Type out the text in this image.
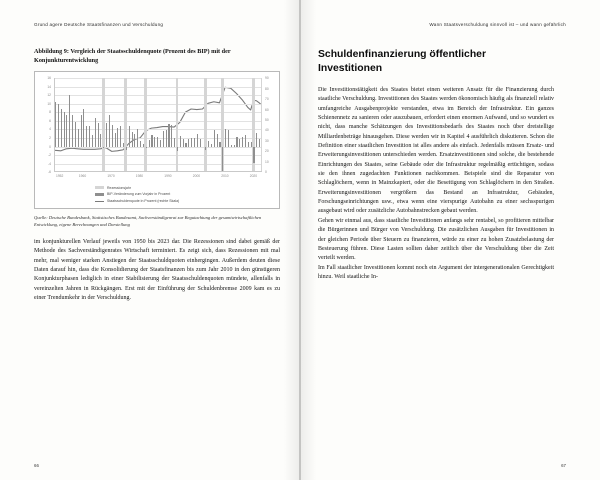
Grund agere Deutsche Staatsfinanzen und Verschuldung
Abbildung 9: Vergleich der Staatsschuldenquote (Prozent des BIP) mit der Konjunkturentwicklung
16
14
12
10
8
6
4
2
0
-2
-4
-6
90
80
70
60
50
40
30
20
10
0
1952	1960	1970	1980	1990	2000	2010	2020
Rezessionsjahr
BIP-Veränderung zum Vorjahr in Prozent
Staatsschuldenquote in Prozent (rechte Skala)
Quelle: Deutsche Bundesbank, Statistisches Bundesamt, Sachverständigenrat zur Begutachtung der gesamtwirtschaftlichen Entwicklung, eigene Berechnungen und Darstellung

im konjunkturellen Verlauf jeweils von 1950 bis 2023 dar. Die Rezessionen sind dabei gemäß der Methode des Sachverständigenrates Wirtschaft terminiert. Es zeigt sich, dass Rezessionen mit mal mehr, mal weniger starken Anstiegen der Staatsschuldquoten einhergingen. Außerdem deuten diese Daten darauf hin, dass die Konsolidierung der Staatsfinanzen bis zum Jahr 2010 in den günstigeren Konjunkturphasen lediglich in einer Stabilisierung der Staatsschuldenquoten mündete, allenfalls in vereinzelten Jahren in Rückgängen. Erst mit der Einführung der Schuldenbremse 2009 kam es zu einer Trendumkehr in der Verschuldung.

66
Wann Staatsverschuldung sinnvoll ist – und wann gefährlich
Schuldenfinanzierung öffentlicher Investitionen

Die Investitionstätigkeit des Staates bietet einen weiteren Ansatz für die Finanzierung durch staatliche Verschuldung. Investitionen des Staates werden ökonomisch häufig als finanziell relativ umfangreiche Ausgabenprojekte verstanden, etwa im Bereich der Infrastruktur. Ein ganzes Schienennetz zu sanieren oder auszubauen, erfordert einen enormen Aufwand, und so wundert es nicht, dass manche Schätzungen des Investitionsbedarfs des Staates noch über dreistellige Milliardenbeträge hinausgehen. Diese werden wir in Kapitel 4 ausführlich diskutieren. Schon die Definition einer staatlichen Investition ist alles andere als einfach. Jedenfalls müssen Ersatz- und Erweiterungsinvestitionen unterschieden werden. Ersatzinvestitionen sind solche, die bestehende Einrichtungen des Staates, seine Gebäude oder die Infrastruktur regelmäßig ertüchtigen, sodass sie den ihnen zugedachten Funktionen nachkommen. Beispiele sind die Reparatur von Schlaglöchern, wenn in Mainzkapiert, oder die Beseitigung von Schlaglöchern in den Straßen. Erweiterungsinvestitionen vergrößern das Bestand an Infrastruktur, Gebäuden, Forschungseinrichtungen usw., etwa wenn eine vierspurige Autobahn zu einer sechsspurigen ausgebaut wird oder zusätzliche Autobahnstrecken gebaut werden.

Gehen wir einmal aus, dass staatliche Investitionen anfangs sehr rentabel, so profitieren mittelbar die Bürgerinnen und Bürger von Verschuldung. Die zusätzlichen Ausgaben für Investitionen in der gleichen Periode über Steuern zu finanzieren, würde zu einer zu hohen Zusatzbelastung der Besteuerung führen. Diese Lasten sollten daher zeitlich über die Verschuldung über die Zeit verteilt werden.

Im Fall staatlicher Investitionen kommt noch ein Argument der intergenerationalen Gerechtigkeit hinzu. Weil staatliche In-

67
